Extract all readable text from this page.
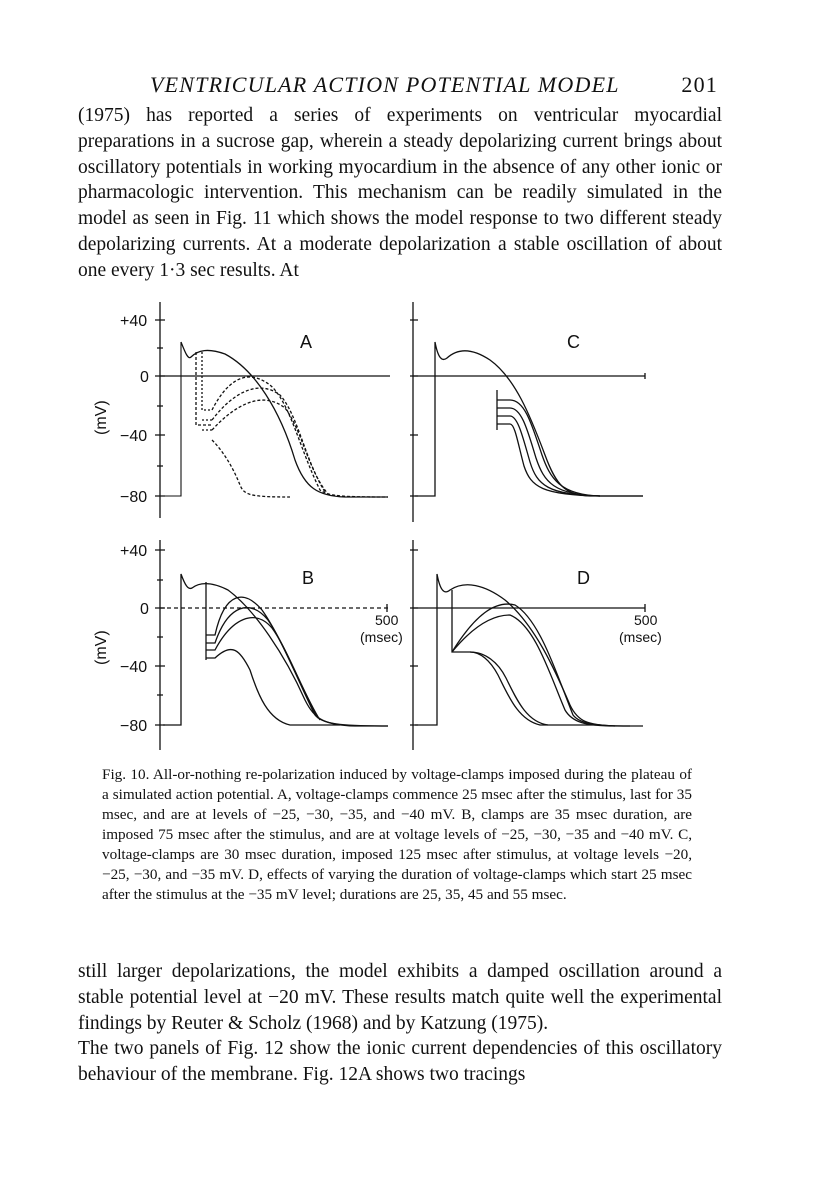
VENTRICULAR ACTION POTENTIAL MODEL	201

(1975) has reported a series of experiments on ventricular myocardial preparations in a sucrose gap, wherein a steady depolarizing current brings about oscillatory potentials in working myocardium in the absence of any other ionic or pharmacologic intervention. This mechanism can be readily simulated in the model as seen in Fig. 11 which shows the model response to two different steady depolarizing currents. At a moderate depolarization a stable oscillation of about one every 1·3 sec results. At

+40
0
−40
−80
(mV)
+40
0
−40
−80
(mV)
A
B
C
D
500
(msec)
500
(msec)

Fig. 10. All-or-nothing re-polarization induced by voltage-clamps imposed during the plateau of a simulated action potential. A, voltage-clamps commence 25 msec after the stimulus, last for 35 msec, and are at levels of −25, −30, −35, and −40 mV. B, clamps are 35 msec duration, are imposed 75 msec after the stimulus, and are at voltage levels of −25, −30, −35 and −40 mV. C, voltage-clamps are 30 msec duration, imposed 125 msec after stimulus, at voltage levels −20, −25, −30, and −35 mV. D, effects of varying the duration of voltage-clamps which start 25 msec after the stimulus at the −35 mV level; durations are 25, 35, 45 and 55 msec.

still larger depolarizations, the model exhibits a damped oscillation around a stable potential level at −20 mV. These results match quite well the experimental findings by Reuter & Scholz (1968) and by Katzung (1975).
The two panels of Fig. 12 show the ionic current dependencies of this oscillatory behaviour of the membrane. Fig. 12A shows two tracings
